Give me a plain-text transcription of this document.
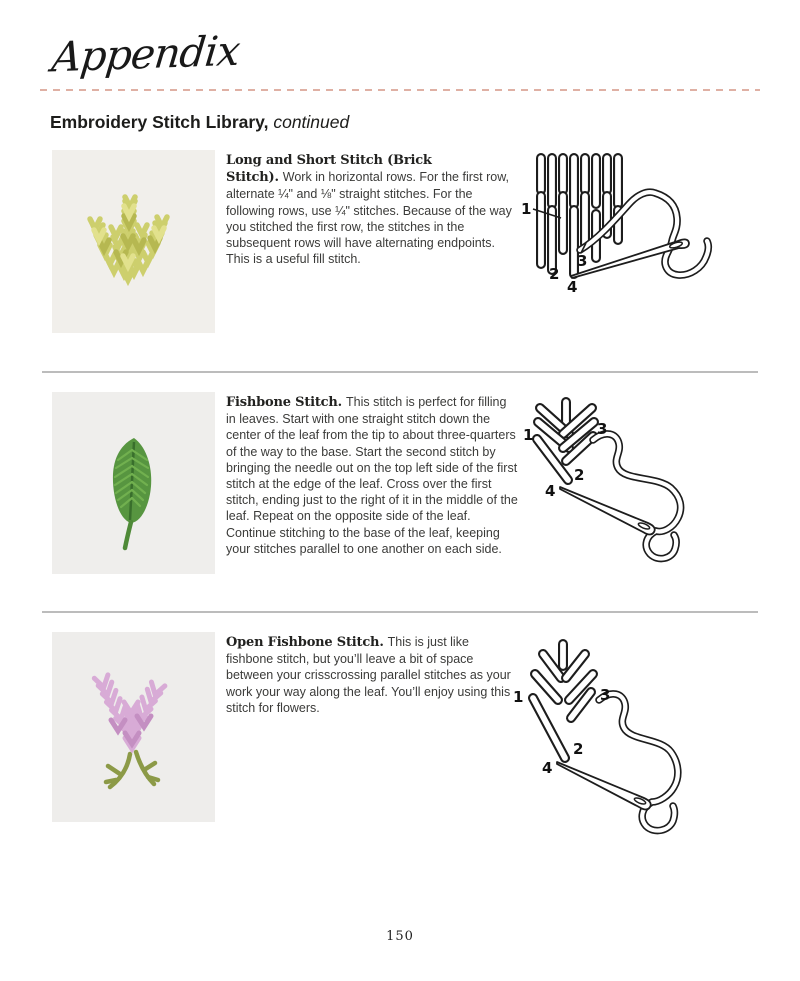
Appendix
Embroidery Stitch Library, continued

Long and Short Stitch (Brick Stitch). Work in horizontal rows. For the first row, alternate ¼" and ⅛" straight stitches. For the following rows, use ¼" stitches. Because of the way you stitched the first row, the stitches in the subsequent rows will have alternating endpoints. This is a useful fill stitch.

1
2
3
4

Fishbone Stitch. This stitch is perfect for filling in leaves. Start with one straight stitch down the center of the leaf from the tip to about three-quarters of the way to the base. Start the second stitch by bringing the needle out on the top left side of the first stitch at the edge of the leaf. Cross over the first stitch, ending just to the right of it in the middle of the leaf. Repeat on the opposite side of the leaf. Continue stitching to the base of the leaf, keeping your stitches parallel to one another on each side.

1
2
3
4

Open Fishbone Stitch. This is just like fishbone stitch, but you’ll leave a bit of space between your crisscrossing parallel stitches as your work your way along the leaf. You’ll enjoy using this stitch for flowers.

1
2
3
4
150
